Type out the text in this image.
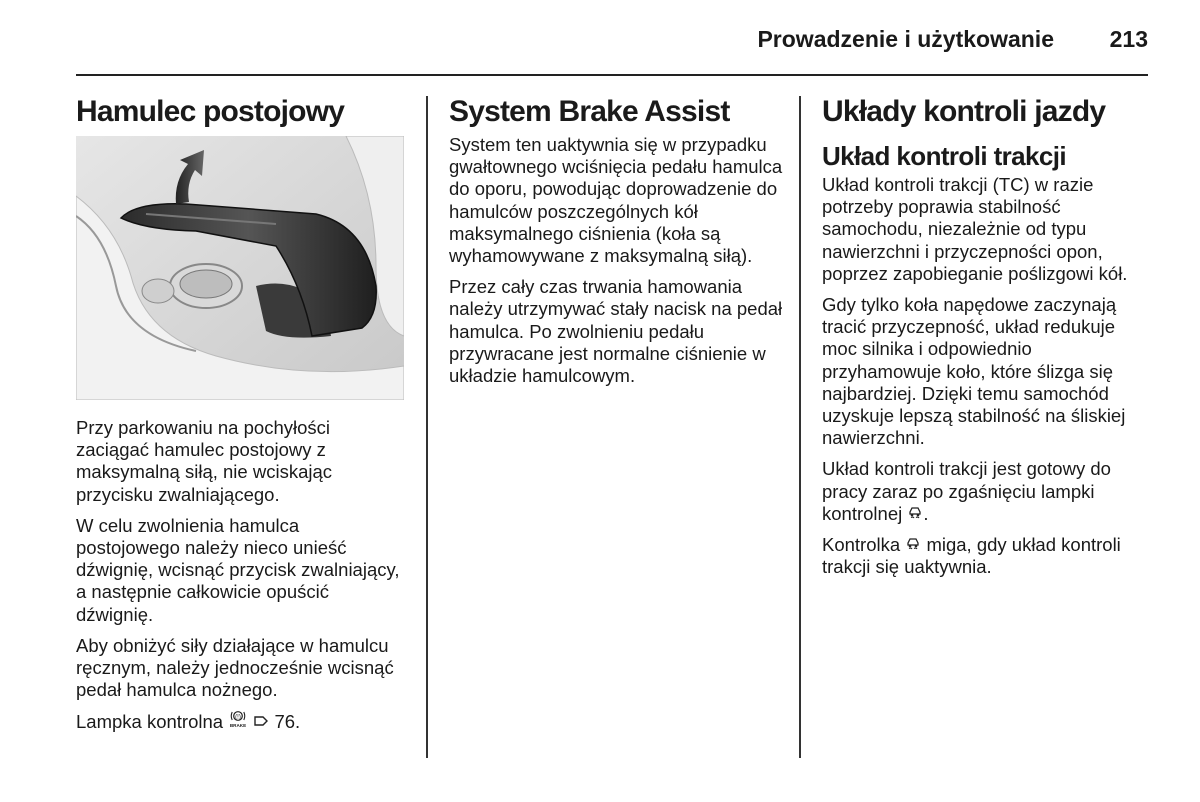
Prowadzenie i użytkowanie 213
Hamulec postojowy

Przy parkowaniu na pochyłości zaciągać hamulec postojowy z maksymalną siłą, nie wciskając przycisku zwalniającego.

W celu zwolnienia hamulca postojowego należy nieco unieść dźwignię, wcisnąć przycisk zwalniający, a następnie całkowicie opuścić dźwignię.

Aby obniżyć siły działające w hamulcu ręcznym, należy jednocześnie wcisnąć pedał hamulca nożnego.

Lampka kontrolna (!)
BRAKE 76.

System Brake Assist

System ten uaktywnia się w przypadku gwałtownego wciśnięcia pedału hamulca do oporu, powodując doprowadzenie do hamulców poszczególnych kół maksymalnego ciśnienia (koła są wyhamowywane z maksymalną siłą).

Przez cały czas trwania hamowania należy utrzymywać stały nacisk na pedał hamulca. Po zwolnieniu pedału przywracane jest normalne ciśnienie w układzie hamulcowym.

Układy kontroli jazdy
Układ kontroli trakcji

Układ kontroli trakcji (TC) w razie potrzeby poprawia stabilność samochodu, niezależnie od typu nawierzchni i przyczepności opon, poprzez zapobieganie poślizgowi kół.

Gdy tylko koła napędowe zaczynają tracić przyczepność, układ redukuje moc silnika i odpowiednio przyhamowuje koło, które ślizga się najbardziej. Dzięki temu samochód uzyskuje lepszą stabilność na śliskiej nawierzchni.

Układ kontroli trakcji jest gotowy do pracy zaraz po zgaśnięciu lampki kontrolnej .

Kontrolka miga, gdy układ kontroli trakcji się uaktywnia.
